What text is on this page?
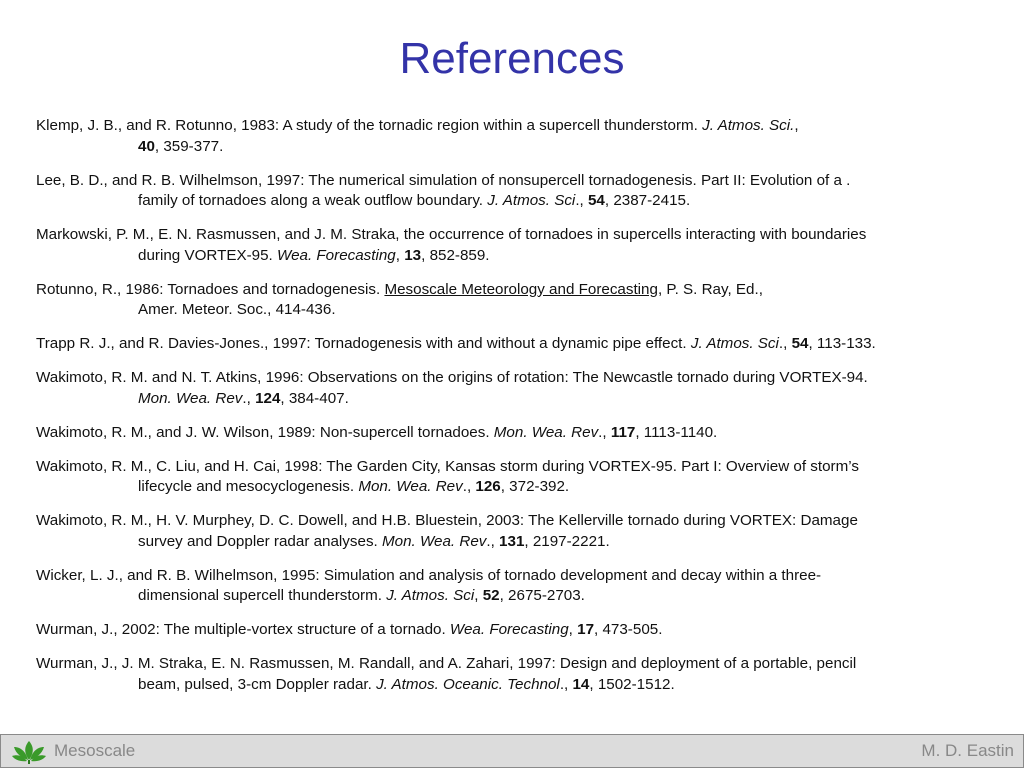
References
Klemp, J. B., and R. Rotunno, 1983: A study of the tornadic region within a supercell thunderstorm. J. Atmos. Sci.,
40, 359-377.
Lee, B. D., and R. B. Wilhelmson, 1997: The numerical simulation of nonsupercell tornadogenesis. Part II: Evolution of a .
family of tornadoes along a weak outflow boundary. J. Atmos. Sci., 54, 2387-2415.
Markowski, P. M., E. N. Rasmussen, and J. M. Straka, the occurrence of tornadoes in supercells interacting with boundaries
during VORTEX-95. Wea. Forecasting, 13, 852-859.
Rotunno, R., 1986: Tornadoes and tornadogenesis. Mesoscale Meteorology and Forecasting, P. S. Ray, Ed.,
Amer. Meteor. Soc., 414-436.
Trapp R. J., and R. Davies-Jones., 1997: Tornadogenesis with and without a dynamic pipe effect. J. Atmos. Sci., 54, 113-133.
Wakimoto, R. M. and N. T. Atkins, 1996: Observations on the origins of rotation: The Newcastle tornado during VORTEX-94.
Mon. Wea. Rev., 124, 384-407.
Wakimoto, R. M., and J. W. Wilson, 1989: Non-supercell tornadoes. Mon. Wea. Rev., 117, 1113-1140.
Wakimoto, R. M., C. Liu, and H. Cai, 1998: The Garden City, Kansas storm during VORTEX-95. Part I: Overview of storm’s
lifecycle and mesocyclogenesis. Mon. Wea. Rev., 126, 372-392.
Wakimoto, R. M., H. V. Murphey, D. C. Dowell, and H.B. Bluestein, 2003: The Kellerville tornado during VORTEX: Damage
survey and Doppler radar analyses. Mon. Wea. Rev., 131, 2197-2221.
Wicker, L. J., and R. B. Wilhelmson, 1995: Simulation and analysis of tornado development and decay within a three-
dimensional supercell thunderstorm. J. Atmos. Sci, 52, 2675-2703.
Wurman, J., 2002: The multiple-vortex structure of a tornado. Wea. Forecasting, 17, 473-505.
Wurman, J., J. M. Straka, E. N. Rasmussen, M. Randall, and A. Zahari, 1997: Design and deployment of a portable, pencil
beam, pulsed, 3-cm Doppler radar. J. Atmos. Oceanic. Technol., 14, 1502-1512.
Mesoscale	M. D. Eastin
